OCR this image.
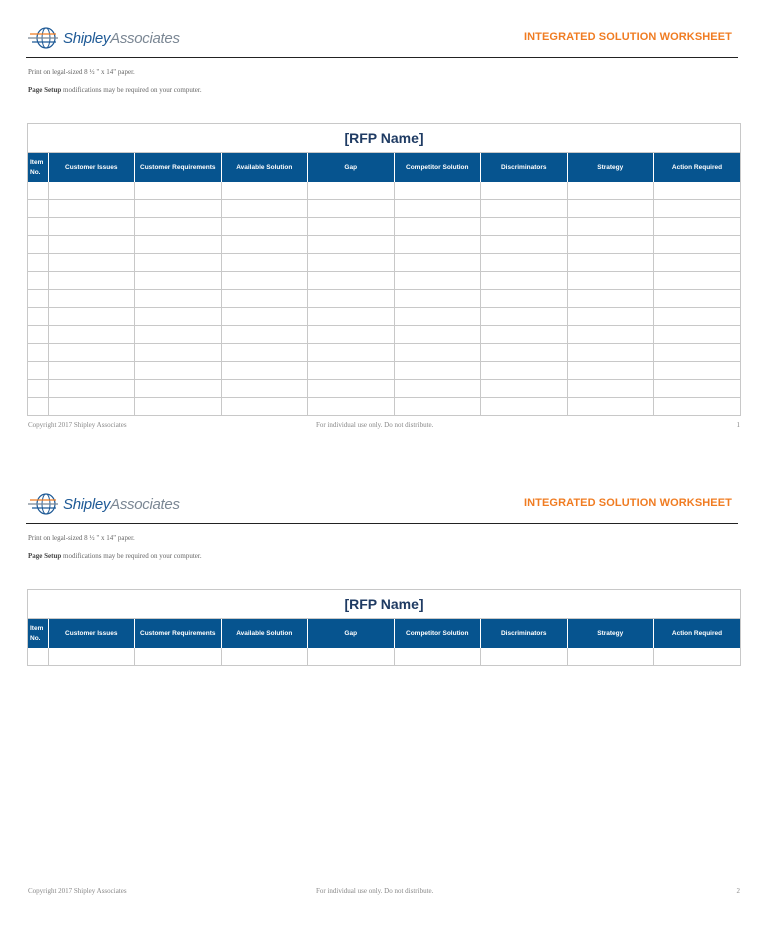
ShipleyAssociates	INTEGRATED SOLUTION WORKSHEET
Print on legal-sized 8 ½ " x 14" paper.
Page Setup modifications may be required on your computer.
[RFP Name]
Item
No.	Customer Issues	Customer Requirements	Available Solution	Gap	Competitor Solution	Discriminators	Strategy	Action Required

Copyright 2017 Shipley Associates	For individual use only. Do not distribute.	1
ShipleyAssociates	INTEGRATED SOLUTION WORKSHEET
Print on legal-sized 8 ½ " x 14" paper.
Page Setup modifications may be required on your computer.
[RFP Name]
Item
No.	Customer Issues	Customer Requirements	Available Solution	Gap	Competitor Solution	Discriminators	Strategy	Action Required

Copyright 2017 Shipley Associates	For individual use only. Do not distribute.	2
